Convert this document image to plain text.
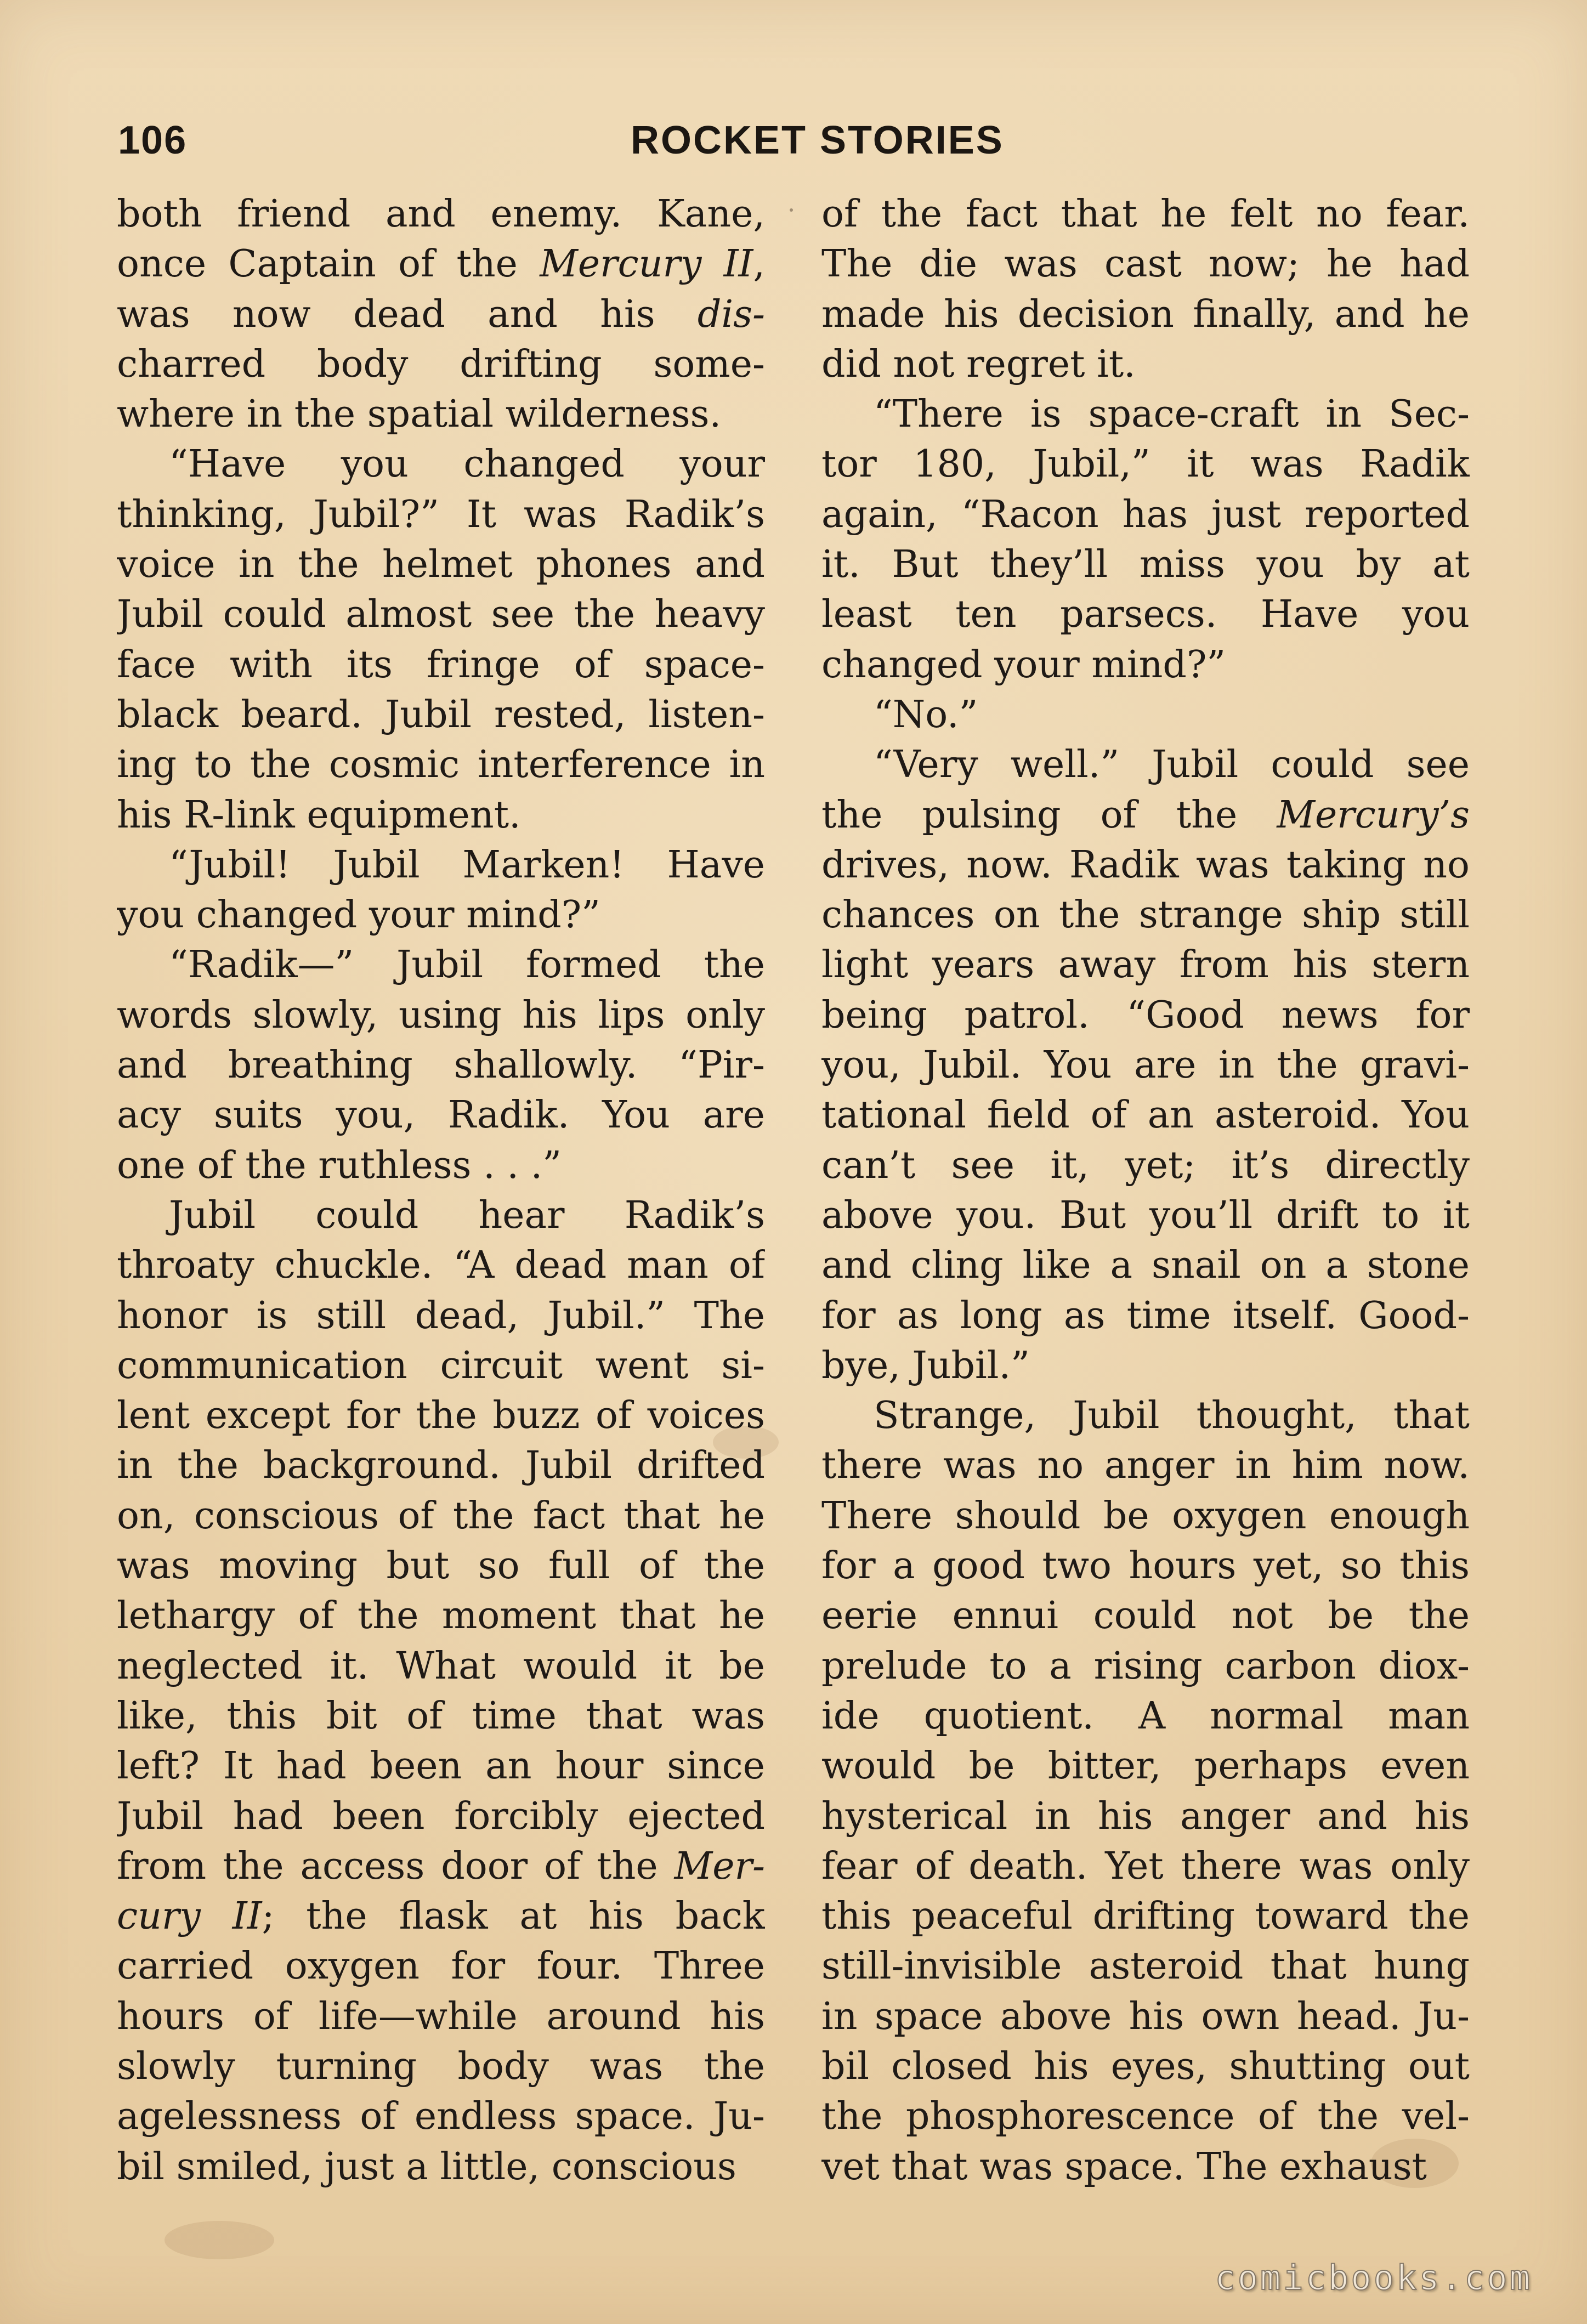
106	ROCKET STORIES
both friend and enemy. Kane,
once Captain of the Mercury II,
was now dead and his dis-
charred body drifting some-
where in the spatial wilderness.
“Have you changed your
thinking, Jubil?” It was Radik’s
voice in the helmet phones and
Jubil could almost see the heavy
face with its fringe of space-
black beard. Jubil rested, listen-
ing to the cosmic interference in
his R-link equipment.
“Jubil! Jubil Marken! Have
you changed your mind?”
“Radik—” Jubil formed the
words slowly, using his lips only
and breathing shallowly. “Pir-
acy suits you, Radik. You are
one of the ruthless . . .”
Jubil could hear Radik’s
throaty chuckle. “A dead man of
honor is still dead, Jubil.” The
communication circuit went si-
lent except for the buzz of voices
in the background. Jubil drifted
on, conscious of the fact that he
was moving but so full of the
lethargy of the moment that he
neglected it. What would it be
like, this bit of time that was
left? It had been an hour since
Jubil had been forcibly ejected
from the access door of the Mer-
cury II; the flask at his back
carried oxygen for four. Three
hours of life—while around his
slowly turning body was the
agelessness of endless space. Ju-
bil smiled, just a little, conscious
of the fact that he felt no fear.
The die was cast now; he had
made his decision finally, and he
did not regret it.
“There is space-craft in Sec-
tor 180, Jubil,” it was Radik
again, “Racon has just reported
it. But they’ll miss you by at
least ten parsecs. Have you
changed your mind?”
“No.”
“Very well.” Jubil could see
the pulsing of the Mercury’s
drives, now. Radik was taking no
chances on the strange ship still
light years away from his stern
being patrol. “Good news for
you, Jubil. You are in the gravi-
tational field of an asteroid. You
can’t see it, yet; it’s directly
above you. But you’ll drift to it
and cling like a snail on a stone
for as long as time itself. Good-
bye, Jubil.”
Strange, Jubil thought, that
there was no anger in him now.
There should be oxygen enough
for a good two hours yet, so this
eerie ennui could not be the
prelude to a rising carbon diox-
ide quotient. A normal man
would be bitter, perhaps even
hysterical in his anger and his
fear of death. Yet there was only
this peaceful drifting toward the
still-invisible asteroid that hung
in space above his own head. Ju-
bil closed his eyes, shutting out
the phosphorescence of the vel-
vet that was space. The exhaust
comicbooks.com
